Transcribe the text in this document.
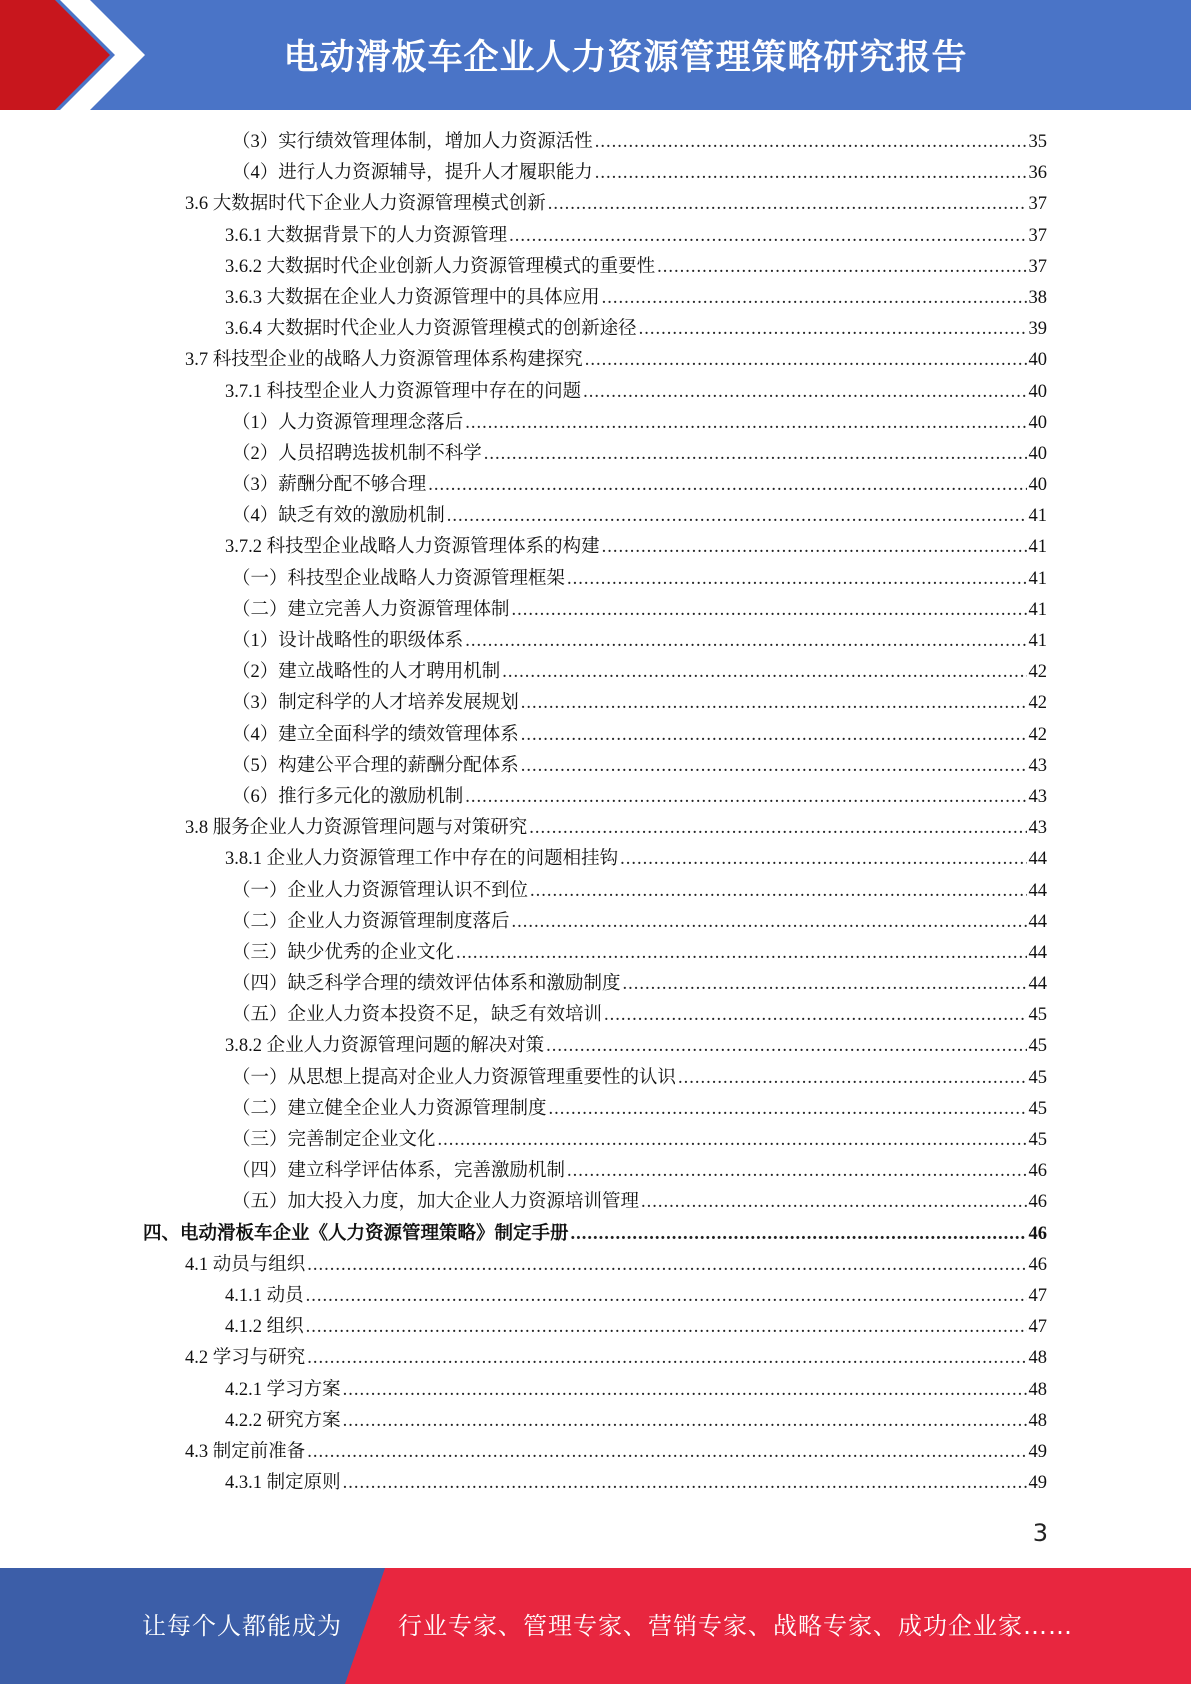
电动滑板车企业人力资源管理策略研究报告
（3）实行绩效管理体制，增加人力资源活性 .....	35
（4）进行人力资源辅导，提升人才履职能力 .....	36
3.6 大数据时代下企业人力资源管理模式创新 .....	37
3.6.1 大数据背景下的人力资源管理 .....	37
3.6.2 大数据时代企业创新人力资源管理模式的重要性 .....	37
3.6.3 大数据在企业人力资源管理中的具体应用 .....	38
3.6.4 大数据时代企业人力资源管理模式的创新途径 .....	39
3.7 科技型企业的战略人力资源管理体系构建探究 .....	40
3.7.1 科技型企业人力资源管理中存在的问题 .....	40
（1）人力资源管理理念落后 .....	40
（2）人员招聘选拔机制不科学 .....	40
（3）薪酬分配不够合理 .....	40
（4）缺乏有效的激励机制 .....	41
3.7.2 科技型企业战略人力资源管理体系的构建 .....	41
（一）科技型企业战略人力资源管理框架 .....	41
（二）建立完善人力资源管理体制 .....	41
（1）设计战略性的职级体系 .....	41
（2）建立战略性的人才聘用机制 .....	42
（3）制定科学的人才培养发展规划 .....	42
（4）建立全面科学的绩效管理体系 .....	42
（5）构建公平合理的薪酬分配体系 .....	43
（6）推行多元化的激励机制 .....	43
3.8 服务企业人力资源管理问题与对策研究 .....	43
3.8.1 企业人力资源管理工作中存在的问题相挂钩 .....	44
（一）企业人力资源管理认识不到位 .....	44
（二）企业人力资源管理制度落后 .....	44
（三）缺少优秀的企业文化 .....	44
（四）缺乏科学合理的绩效评估体系和激励制度 .....	44
（五）企业人力资本投资不足，缺乏有效培训 .....	45
3.8.2 企业人力资源管理问题的解决对策 .....	45
（一）从思想上提高对企业人力资源管理重要性的认识 .....	45
（二）建立健全企业人力资源管理制度 .....	45
（三）完善制定企业文化 .....	45
（四）建立科学评估体系，完善激励机制 .....	46
（五）加大投入力度，加大企业人力资源培训管理 .....	46
四、电动滑板车企业《人力资源管理策略》制定手册 .....	46
4.1 动员与组织 .....	46
4.1.1 动员 .....	47
4.1.2 组织 .....	47
4.2 学习与研究 .....	48
4.2.1 学习方案 .....	48
4.2.2 研究方案 .....	48
4.3 制定前准备 .....	49
4.3.1 制定原则 .....	49
3
让每个人都能成为 行业专家、管理专家、营销专家、战略专家、成功企业家……
